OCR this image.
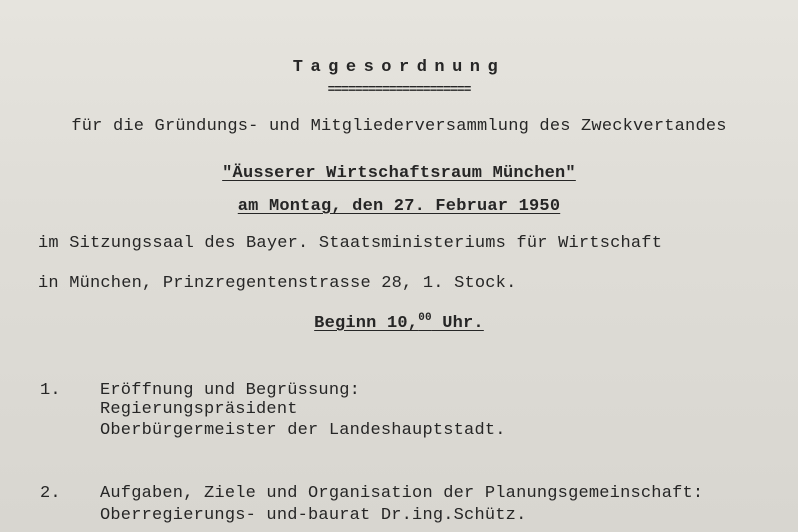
Tagesordnung
=====================
für die Gründungs- und Mitgliederversammlung des Zweckvertandes
"Äusserer Wirtschaftsraum München"
am Montag, den 27. Februar 1950
im Sitzungssaal des Bayer. Staatsministeriums für Wirtschaft
in München, Prinzregentenstrasse 28, 1. Stock.
Beginn 10,00 Uhr.
1. Eröffnung und Begrüssung:
Regierungspräsident
Oberbürgermeister der Landeshauptstadt.
2. Aufgaben, Ziele und Organisation der Planungsgemeinschaft:
Oberregierungs- und-baurat Dr.ing.Schütz.
